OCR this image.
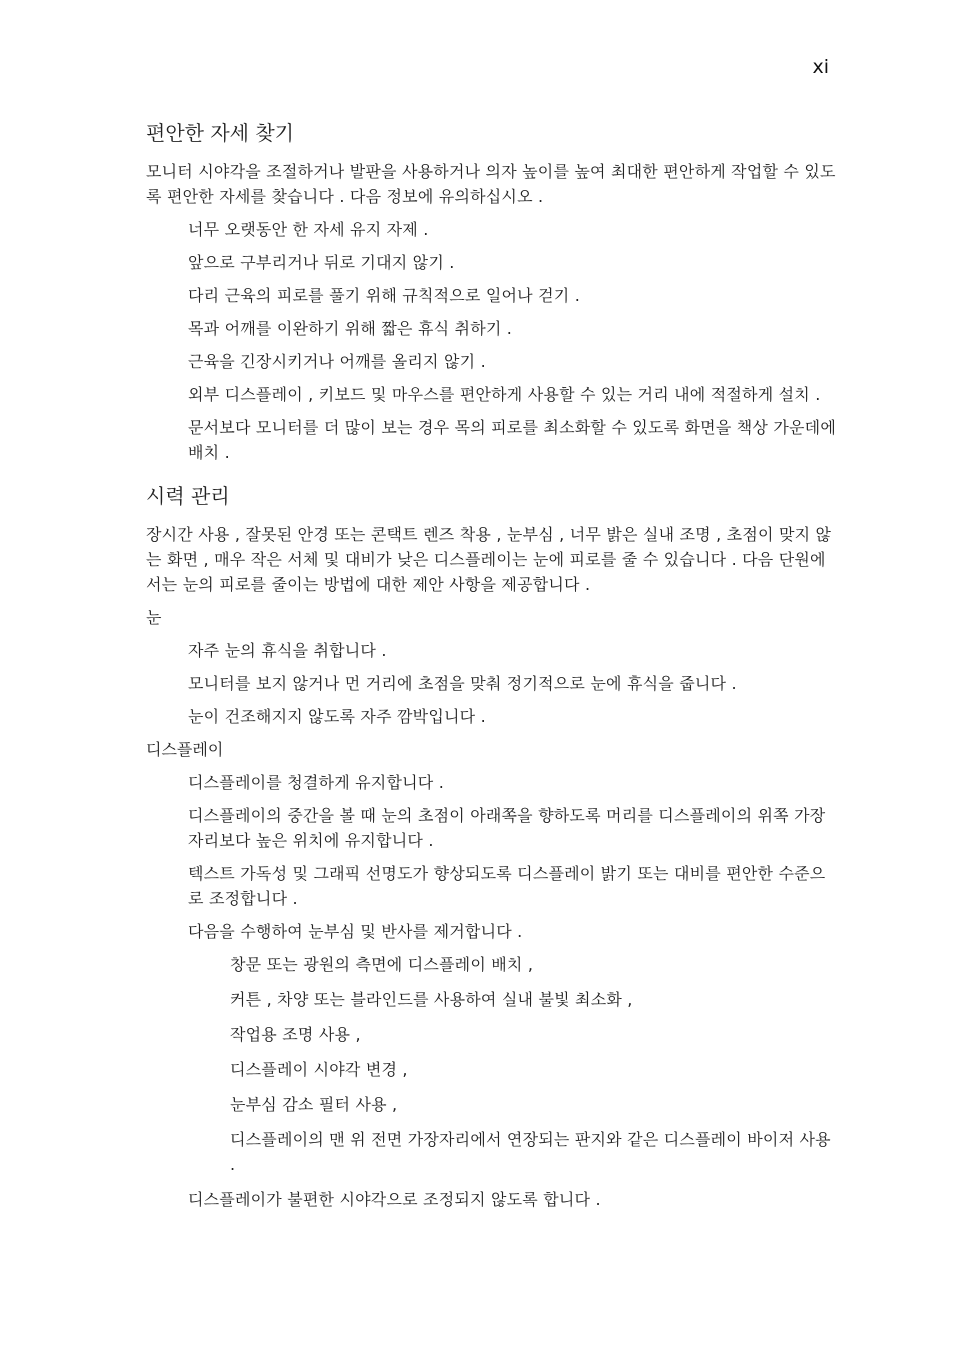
xi
편안한 자세 찾기

모니터 시야각을 조절하거나 발판을 사용하거나 의자 높이를 높여 최대한 편안하게 작업할 수 있도록 편안한 자세를 찾습니다 . 다음 정보에 유의하십시오 .

너무 오랫동안 한 자세 유지 자제 .
앞으로 구부리거나 뒤로 기대지 않기 .
다리 근육의 피로를 풀기 위해 규칙적으로 일어나 걷기 .
목과 어깨를 이완하기 위해 짧은 휴식 취하기 .
근육을 긴장시키거나 어깨를 올리지 않기 .
외부 디스플레이 , 키보드 및 마우스를 편안하게 사용할 수 있는 거리 내에 적절하게 설치 .
문서보다 모니터를 더 많이 보는 경우 목의 피로를 최소화할 수 있도록 화면을 책상 가운데에 배치 .
시력 관리

장시간 사용 , 잘못된 안경 또는 콘택트 렌즈 착용 , 눈부심 , 너무 밝은 실내 조명 , 초점이 맞지 않는 화면 , 매우 작은 서체 및 대비가 낮은 디스플레이는 눈에 피로를 줄 수 있습니다 . 다음 단원에서는 눈의 피로를 줄이는 방법에 대한 제안 사항을 제공합니다 .

눈
자주 눈의 휴식을 취합니다 .
모니터를 보지 않거나 먼 거리에 초점을 맞춰 정기적으로 눈에 휴식을 줍니다 .
눈이 건조해지지 않도록 자주 깜박입니다 .
디스플레이
디스플레이를 청결하게 유지합니다 .
디스플레이의 중간을 볼 때 눈의 초점이 아래쪽을 향하도록 머리를 디스플레이의 위쪽 가장자리보다 높은 위치에 유지합니다 .
텍스트 가독성 및 그래픽 선명도가 향상되도록 디스플레이 밝기 또는 대비를 편안한 수준으로 조정합니다 .
다음을 수행하여 눈부심 및 반사를 제거합니다 .
창문 또는 광원의 측면에 디스플레이 배치 ,
커튼 , 차양 또는 블라인드를 사용하여 실내 불빛 최소화 ,
작업용 조명 사용 ,
디스플레이 시야각 변경 ,
눈부심 감소 필터 사용 ,
디스플레이의 맨 위 전면 가장자리에서 연장되는 판지와 같은 디스플레이 바이저 사용 .
디스플레이가 불편한 시야각으로 조정되지 않도록 합니다 .
